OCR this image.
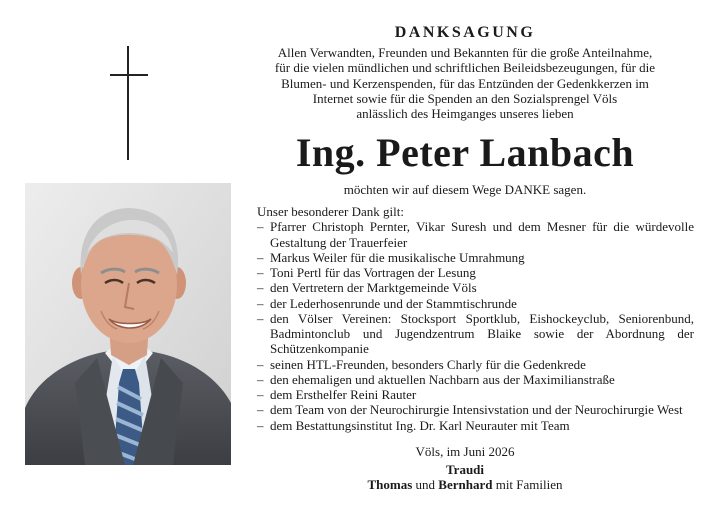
DANKSAGUNG
Allen Verwandten, Freunden und Bekannten für die große Anteilnahme,
für die vielen mündlichen und schriftlichen Beileidsbezeugungen, für die
Blumen- und Kerzenspenden, für das Entzünden der Gedenkkerzen im
Internet sowie für die Spenden an den Sozialsprengel Völs
anlässlich des Heimganges unseres lieben
Ing. Peter Lanbach
möchten wir auf diesem Wege DANKE sagen.

Unser besonderer Dank gilt:

– Pfarrer Christoph Pernter, Vikar Suresh und dem Mesner für die würdevolle Gestaltung der Trauerfeier
– Markus Weiler für die musikalische Umrahmung
– Toni Pertl für das Vortragen der Lesung
– den Vertretern der Marktgemeinde Völs
– der Lederhosenrunde und der Stammtischrunde
– den Völser Vereinen: Stocksport Sportklub, Eishockeyclub, Seniorenbund, Badmintonclub und Jugendzentrum Blaike sowie der Abordnung der Schützenkompanie
– seinen HTL-Freunden, besonders Charly für die Gedenkrede
– den ehemaligen und aktuellen Nachbarn aus der Maximilianstraße
– dem Ersthelfer Reini Rauter
– dem Team von der Neurochirurgie Intensivstation und der Neurochirurgie West
– dem Bestattungsinstitut Ing. Dr. Karl Neurauter mit Team
Völs, im Juni 2026
Traudi
Thomas und Bernhard mit Familien
